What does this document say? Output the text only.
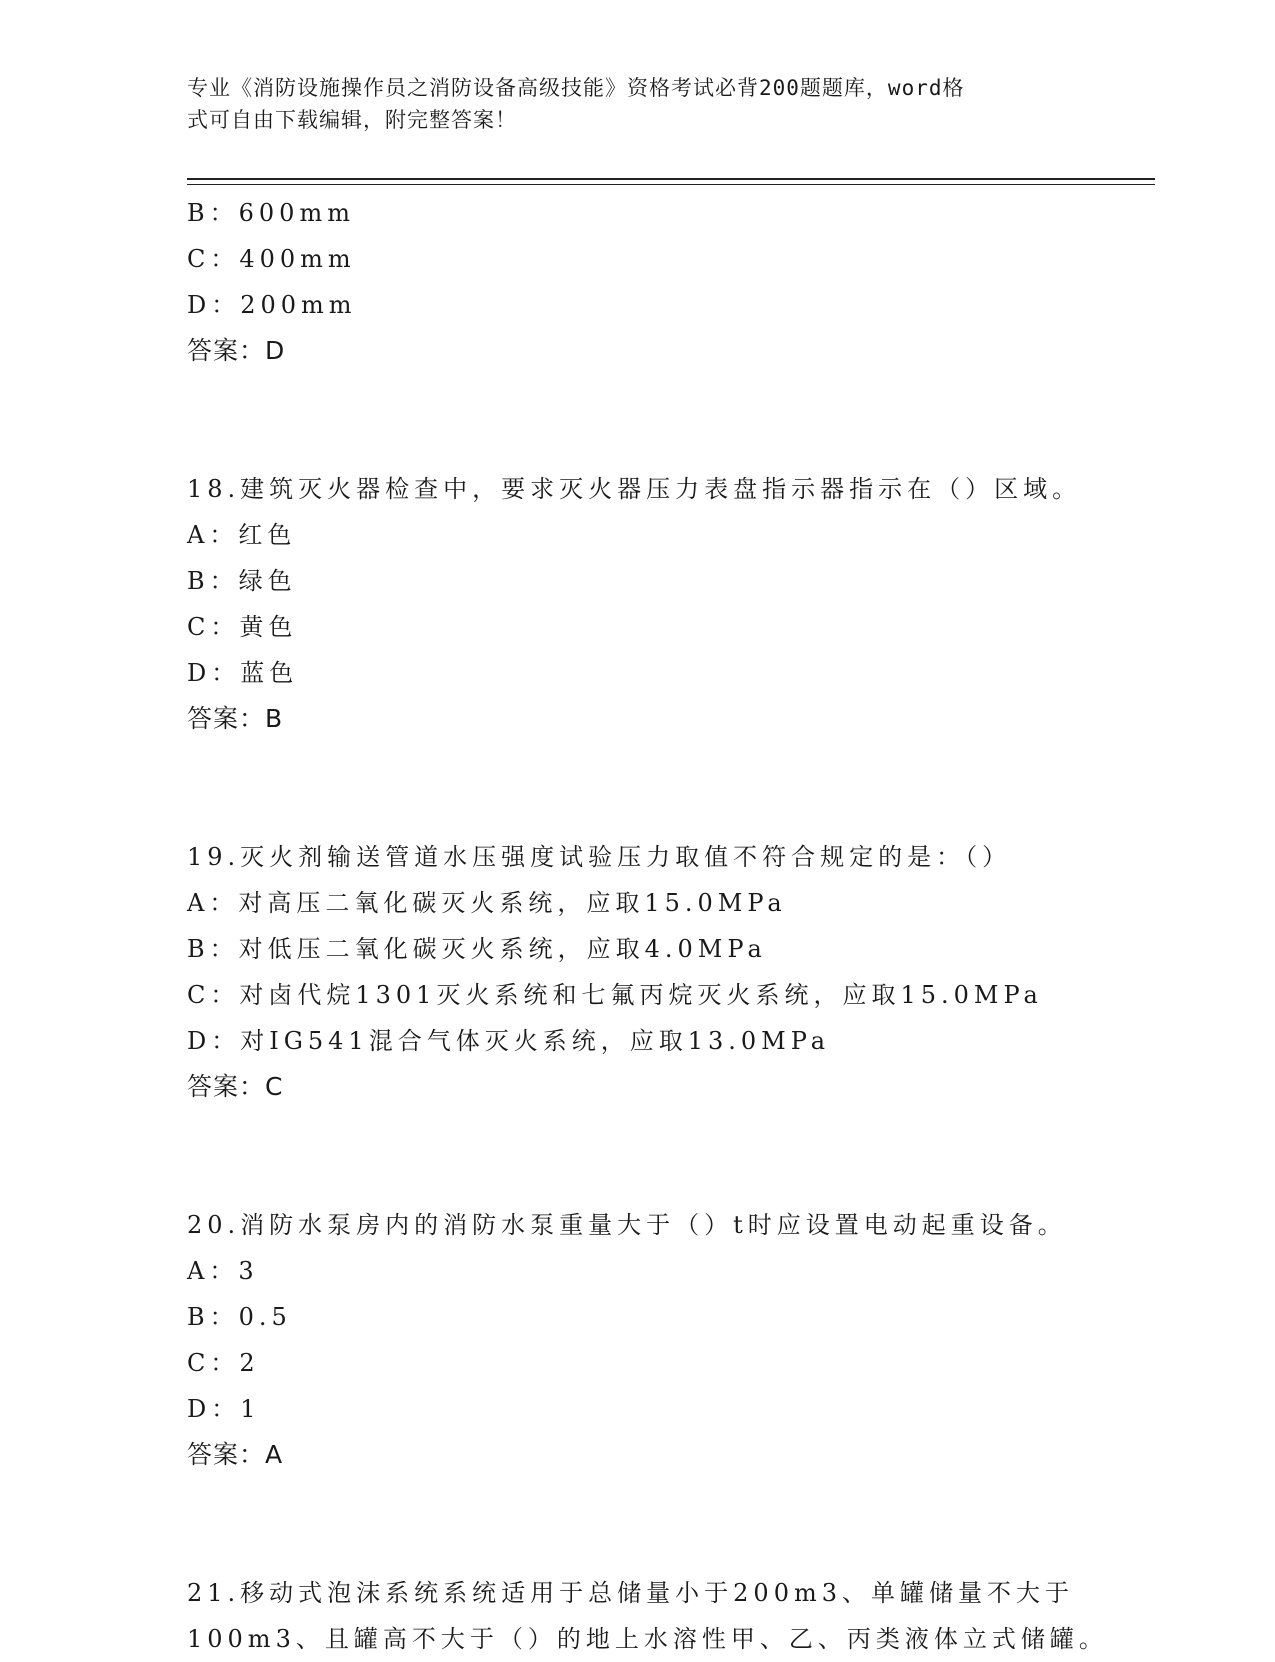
专业《消防设施操作员之消防设备高级技能》资格考试必背200题题库，word格
式可自由下载编辑，附完整答案！
B：600mm
C：400mm
D：200mm
答案：D
18.建筑灭火器检查中，要求灭火器压力表盘指示器指示在（）区域。
A：红色
B：绿色
C：黄色
D：蓝色
答案：B
19.灭火剂输送管道水压强度试验压力取值不符合规定的是：（）
A：对高压二氧化碳灭火系统，应取15.0MPa
B：对低压二氧化碳灭火系统，应取4.0MPa
C：对卤代烷1301灭火系统和七氟丙烷灭火系统，应取15.0MPa
D：对IG541混合气体灭火系统，应取13.0MPa
答案：C
20.消防水泵房内的消防水泵重量大于（）t时应设置电动起重设备。
A：3
B：0.5
C：2
D：1
答案：A
21.移动式泡沫系统系统适用于总储量小于200m3、单罐储量不大于
100m3、且罐高不大于（）的地上水溶性甲、乙、丙类液体立式储罐。
